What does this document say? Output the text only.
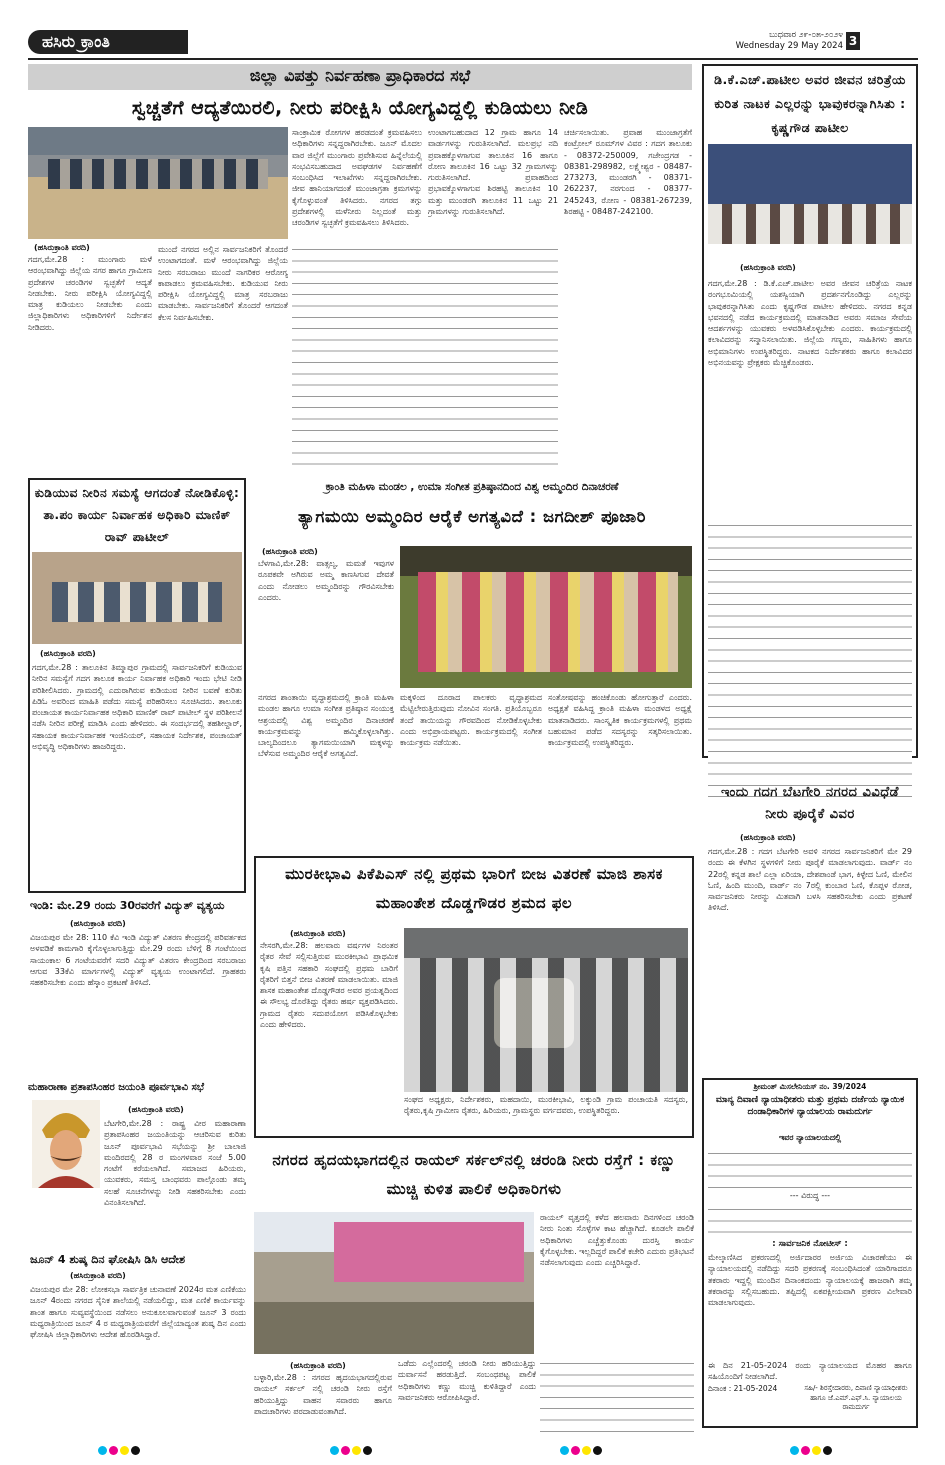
ಹಸಿರು ಕ್ರಾಂತಿ	ಬುಧವಾರ ೨೯-೦೫-೨೦೨೪
Wednesday 29 May 2024 3
ಜಿಲ್ಲಾ ವಿಪತ್ತು ನಿರ್ವಹಣಾ ಪ್ರಾಧಿಕಾರದ ಸಭೆ
ಸ್ವಚ್ಚತೆಗೆ ಆದ್ಯತೆಯಿರಲಿ, ನೀರು ಪರೀಕ್ಷಿಸಿ ಯೋಗ್ಯವಿದ್ದಲ್ಲಿ ಕುಡಿಯಲು ನೀಡಿ
(ಹಸಿರುಕ್ರಾಂತಿ ವರದಿ)
ಸಾಂಕ್ರಾಮಿಕ ರೋಗಗಳ ಹರಡದಂತೆ ಕ್ರಮವಹಿಸಲು ಅಧಿಕಾರಿಗಳು ಸನ್ನದ್ದರಾಗಿರಬೇಕು. ಜೂನ್ ಮೊದಲ ವಾರ ಜಿಲ್ಲೆಗೆ ಮುಂಗಾರು ಪ್ರವೇಶಿಸುವ ಹಿನ್ನೆಲೆಯಲ್ಲಿ ಸಂಭವಿಸಬಹುದಾದ ಅವಘಡಗಳ ನಿರ್ವಹಣೆಗೆ ಸಂಬಂಧಿಸಿದ ಇಲಾಖೆಗಳು ಸನ್ನದ್ದರಾಗಿರಬೇಕು. ಜೀವ ಹಾನಿಯಾಗದಂತೆ ಮುಂಜಾಗ್ರತಾ ಕ್ರಮಗಳನ್ನು ಕೈಗೊಳ್ಳುವಂತೆ ತಿಳಿಸಿದರು. ನಗರದ ತಗ್ಗು ಪ್ರದೇಶಗಳಲ್ಲಿ ಮಳೆನೀರು ನಿಲ್ಲದಂತೆ ಮತ್ತು ಚರಂಡಿಗಳ ಸ್ವಚ್ಛತೆಗೆ ಕ್ರಮವಹಿಸಲು ತಿಳಿಸಿದರು.
ಉಂಟಾಗಬಹುದಾದ 12 ಗ್ರಾಮ ಹಾಗೂ 14 ವಾರ್ಡಗಳನ್ನು ಗುರುತಿಸಲಾಗಿದೆ. ಮಲಪ್ರಭ ನದಿ ಪ್ರವಾಹಕ್ಕೊಳಗಾಗುವ ತಾಲೂಕಿನ 16 ಹಾಗೂ ರೋಣ ತಾಲೂಕಿನ 16 ಒಟ್ಟು 32 ಗ್ರಾಮಗಳನ್ನು ಗುರುತಿಸಲಾಗಿದೆ. ಪ್ರವಾಹದಿಂದ ಪ್ರಭಾವಕ್ಕೊಳಗಾಗುವ ಶಿರಹಟ್ಟಿ ತಾಲೂಕಿನ 10 ಮತ್ತು ಮುಂಡರಗಿ ತಾಲೂಕಿನ 11 ಒಟ್ಟು 21 ಗ್ರಾಮಗಳನ್ನು ಗುರುತಿಸಲಾಗಿದೆ.
ಚರ್ಚಿಸಲಾಯಿತು. ಪ್ರವಾಹ ಮುಂಜಾಗ್ರತೆಗೆ ಕಂಟ್ರೋಲ್ ರೂಮ್‌ಗಳ ವಿವರ : ಗದಗ ತಾಲೂಕು - 08372-250009, ಗಜೇಂದ್ರಗಡ - 08381-298982, ಲಕ್ಷ್ಮೇಶ್ವರ - 08487-273273, ಮುಂಡರಗಿ - 08371-262237, ನರಗುಂದ - 08377-245243, ರೋಣ - 08381-267239, ಶಿರಹಟ್ಟಿ - 08487-242100.
ಗದಗ,ಮೇ.28 : ಮುಂಗಾರು ಮಳೆ ಆರಂಭವಾಗಿದ್ದು ಜಿಲ್ಲೆಯ ನಗರ ಹಾಗೂ ಗ್ರಾಮೀಣ ಪ್ರದೇಶಗಳ ಚರಂಡಿಗಳ ಸ್ವಚ್ಛತೆಗೆ ಆದ್ಯತೆ ನೀಡಬೇಕು. ನೀರು ಪರೀಕ್ಷಿಸಿ ಯೋಗ್ಯವಿದ್ದಲ್ಲಿ ಮಾತ್ರ ಕುಡಿಯಲು ನೀಡಬೇಕು ಎಂದು ಜಿಲ್ಲಾಧಿಕಾರಿಗಳು ಅಧಿಕಾರಿಗಳಿಗೆ ನಿರ್ದೇಶನ ನೀಡಿದರು.
ಮುಂದೆ ನಗರದ ಅಲ್ಲಿನ ಸಾರ್ವಜನಿಕರಿಗೆ ತೊಂದರೆ ಉಂಟಾಗದಂತೆ. ಮಳೆ ಆರಂಭವಾಗಿದ್ದು ಜಿಲ್ಲೆಯ ನೀರು ಸರಬರಾಜು ಮುಂದೆ ನಾಗರಿಕರ ಆರೋಗ್ಯ ಕಾಪಾಡಲು ಕ್ರಮವಹಿಸಬೇಕು. ಕುಡಿಯುವ ನೀರು ಪರೀಕ್ಷಿಸಿ ಯೋಗ್ಯವಿದ್ದಲ್ಲಿ ಮಾತ್ರ ಸರಬರಾಜು ಮಾಡಬೇಕು. ಸಾರ್ವಜನಿಕರಿಗೆ ತೊಂದರೆ ಆಗದಂತೆ ಕೆಲಸ ನಿರ್ವಹಿಸಬೇಕು.
ಡಿ.ಕೆ.ಎಚ್.ಪಾಟೀಲ ಅವರ ಜೀವನ ಚರಿತ್ರೆಯ ಕುರಿತ ನಾಟಕ ಎಲ್ಲರನ್ನು ಭಾವುಕರನ್ನಾಗಿಸಿತು : ಕೃಷ್ಣಗೌಡ ಪಾಟೀಲ
(ಹಸಿರುಕ್ರಾಂತಿ ವರದಿ)
ಗದಗ,ಮೇ.28 : ಡಿ.ಕೆ.ಎಚ್.ಪಾಟೀಲ ಅವರ ಜೀವನ ಚರಿತ್ರೆಯ ನಾಟಕ ರಂಗಭೂಮಿಯಲ್ಲಿ ಯಶಸ್ವಿಯಾಗಿ ಪ್ರದರ್ಶನಗೊಂಡಿದ್ದು ಎಲ್ಲರನ್ನು ಭಾವುಕರನ್ನಾಗಿಸಿತು ಎಂದು ಕೃಷ್ಣಗೌಡ ಪಾಟೀಲ ಹೇಳಿದರು. ನಗರದ ಕನ್ನಡ ಭವನದಲ್ಲಿ ನಡೆದ ಕಾರ್ಯಕ್ರಮದಲ್ಲಿ ಮಾತನಾಡಿದ ಅವರು ಸಮಾಜ ಸೇವೆಯ ಆದರ್ಶಗಳನ್ನು ಯುವಕರು ಅಳವಡಿಸಿಕೊಳ್ಳಬೇಕು ಎಂದರು. ಕಾರ್ಯಕ್ರಮದಲ್ಲಿ ಕಲಾವಿದರನ್ನು ಸನ್ಮಾನಿಸಲಾಯಿತು. ಜಿಲ್ಲೆಯ ಗಣ್ಯರು, ಸಾಹಿತಿಗಳು ಹಾಗೂ ಅಭಿಮಾನಿಗಳು ಉಪಸ್ಥಿತರಿದ್ದರು. ನಾಟಕದ ನಿರ್ದೇಶಕರು ಹಾಗೂ ಕಲಾವಿದರ ಅಭಿನಯವನ್ನು ಪ್ರೇಕ್ಷಕರು ಮೆಚ್ಚಿಕೊಂಡರು.
ಇಂದು ಗದಗ ಬೆಟಗೇರಿ ನಗರದ ವಿವಿಧೆಡೆ ನೀರು ಪೂರೈಕೆ ವಿವರ
(ಹಸಿರುಕ್ರಾಂತಿ ವರದಿ)
ಗದಗ,ಮೇ.28 : ಗದಗ ಬೆಟಗೇರಿ ಅವಳಿ ನಗರದ ಸಾರ್ವಜನಿಕರಿಗೆ ಮೇ 29 ರಂದು ಈ ಕೆಳಗಿನ ಸ್ಥಳಗಳಿಗೆ ನೀರು ಪೂರೈಕೆ ಮಾಡಲಾಗುವುದು. ವಾರ್ಡ್ ನಂ 22ರಲ್ಲಿ ಕನ್ನಡ ಶಾಲೆ ಎಲ್ಲಾ ಏರಿಯಾ, ದೇಶಪಾಂಡೆ ಭಾಗ, ಕಿಳ್ಳೇದ ಓಣಿ, ಮೇಲಿನ ಓಣಿ, ಹಿಂದಿ ಮುಂದಿ, ವಾರ್ಡ್ ನಂ 7ರಲ್ಲಿ ಕುಂಬಾರ ಓಣಿ, ಕೊಪ್ಪಳ ರೋಡ, ಸಾರ್ವಜನಿಕರು ನೀರನ್ನು ಮಿತವಾಗಿ ಬಳಸಿ ಸಹಕರಿಸಬೇಕು ಎಂದು ಪ್ರಕಟಣೆ ತಿಳಿಸಿದೆ.
ಶ್ರೀಮಂತ್ ಮಿಸಲೇನಿಯಸ್ ನಂ. 39/2024
ಮಾನ್ಯ ದಿವಾಣಿ ನ್ಯಾಯಾಧೀಶರು ಮತ್ತು ಪ್ರಥಮ ದರ್ಜೆಯ ನ್ಯಾಯಿಕ ದಂಡಾಧಿಕಾರಿಗಳ ನ್ಯಾಯಾಲಯ ರಾಮದುರ್ಗ
ಇವರ ನ್ಯಾಯಾಲಯದಲ್ಲಿ
--- ವಿರುದ್ಧ ---
: ಸಾರ್ವಜನಿಕ ನೋಟೀಸ್ :
ಮೇಲ್ಕಾಣಿಸಿದ ಪ್ರಕರಣದಲ್ಲಿ ಅರ್ಜಿದಾರರ ಅರ್ಜಿಯ ವಿಚಾರಣೆಯು ಈ ನ್ಯಾಯಾಲಯದಲ್ಲಿ ನಡೆದಿದ್ದು ಸದರಿ ಪ್ರಕರಣಕ್ಕೆ ಸಂಬಂಧಿಸಿದಂತೆ ಯಾರಿಗಾದರೂ ತಕರಾರು ಇದ್ದಲ್ಲಿ ಮುಂದಿನ ದಿನಾಂಕದಂದು ನ್ಯಾಯಾಲಯಕ್ಕೆ ಹಾಜರಾಗಿ ತಮ್ಮ ತಕರಾರನ್ನು ಸಲ್ಲಿಸಬಹುದು. ತಪ್ಪಿದಲ್ಲಿ ಏಕಪಕ್ಷೀಯವಾಗಿ ಪ್ರಕರಣ ವಿಲೇವಾರಿ ಮಾಡಲಾಗುವುದು.
ಈ ದಿನ 21-05-2024 ರಂದು ನ್ಯಾಯಾಲಯದ ಮೊಹರ ಹಾಗೂ ಸಹಿಯೊಂದಿಗೆ ನೀಡಲಾಗಿದೆ.
ದಿನಾಂಕ : 21-05-2024	ಸಹಿ/- ಶಿರಸ್ತೇದಾರರು, ದಿವಾಣಿ ನ್ಯಾಯಾಧೀಶರು ಹಾಗೂ ಜೆ.ಎಮ್.ಎಫ್.ಸಿ. ನ್ಯಾಯಾಲಯ ರಾಮದುರ್ಗ
ಕುಡಿಯುವ ನೀರಿನ ಸಮಸ್ಯೆ ಆಗದಂತೆ ನೋಡಿಕೊಳ್ಳಿ: ತಾ.ಪಂ ಕಾರ್ಯ ನಿರ್ವಾಹಕ ಅಧಿಕಾರಿ ಮಾಣಿಕ್ ರಾವ್ ಪಾಟೀಲ್
(ಹಸಿರುಕ್ರಾಂತಿ ವರದಿ)
ಗದಗ,ಮೇ.28 : ತಾಲೂಕಿನ ತಿಮ್ಮಾಪುರ ಗ್ರಾಮದಲ್ಲಿ ಸಾರ್ವಜನಿಕರಿಗೆ ಕುಡಿಯುವ ನೀರಿನ ಸಮಸ್ಯೆಗೆ ಗದಗ ತಾಲೂಕ ಕಾರ್ಯ ನಿರ್ವಾಹಕ ಅಧಿಕಾರಿ ಇಂದು ಭೇಟಿ ನೀಡಿ ಪರಿಶೀಲಿಸಿದರು. ಗ್ರಾಮದಲ್ಲಿ ಎದುರಾಗಿರುವ ಕುಡಿಯುವ ನೀರಿನ ಬವಣೆ ಕುರಿತು ಪಿಡಿಓ ಅವರಿಂದ ಮಾಹಿತಿ ಪಡೆದು ಸಮಸ್ಯೆ ಪರಿಹರಿಸಲು ಸೂಚಿಸಿದರು. ತಾಲೂಕು ಪಂಚಾಯತ ಕಾರ್ಯನಿರ್ವಾಹಕ ಅಧಿಕಾರಿ ಮಾಣಿಕ್ ರಾವ್ ಪಾಟೀಲ್ ಸ್ಥಳ ಪರಿಶೀಲನೆ ನಡೆಸಿ ನೀರಿನ ಪರೀಕ್ಷೆ ಮಾಡಿಸಿ ಎಂದು ಹೇಳಿದರು. ಈ ಸಂದರ್ಭದಲ್ಲಿ ತಹಶೀಲ್ದಾರ್, ಸಹಾಯಕ ಕಾರ್ಯನಿರ್ವಾಹಕ ಇಂಜಿನಿಯರ್, ಸಹಾಯಕ ನಿರ್ದೇಶಕ, ಪಂಚಾಯತ್ ಅಭಿವೃದ್ಧಿ ಅಧಿಕಾರಿಗಳು ಹಾಜರಿದ್ದರು.
ಇಂಡಿ: ಮೇ.29 ರಂದು 30ರವರೆಗೆ ವಿದ್ಯುತ್ ವ್ಯತ್ಯಯ
(ಹಸಿರುಕ್ರಾಂತಿ ವರದಿ)
ವಿಜಯಪುರ ಮೇ 28: 110 ಕೆವಿ ಇಂಡಿ ವಿದ್ಯುತ್ ವಿತರಣ ಕೇಂದ್ರದಲ್ಲಿ ಪರಿವರ್ತಕದ ಅಳವಡಿಕೆ ಕಾಮಗಾರಿ ಕೈಗೊಳ್ಳಲಾಗುತ್ತಿದ್ದು ಮೇ.29 ರಂದು ಬೆಳಿಗ್ಗೆ 8 ಗಂಟೆಯಿಂದ ಸಾಯಂಕಾಲ 6 ಗಂಟೆಯವರೆಗೆ ಸದರಿ ವಿದ್ಯುತ್ ವಿತರಣ ಕೇಂದ್ರದಿಂದ ಸರಬರಾಜು ಆಗುವ 33ಕೆವಿ ಮಾರ್ಗಗಳಲ್ಲಿ ವಿದ್ಯುತ್ ವ್ಯತ್ಯಯ ಉಂಟಾಗಲಿದೆ. ಗ್ರಾಹಕರು ಸಹಕರಿಸಬೇಕು ಎಂದು ಹೆಸ್ಕಾಂ ಪ್ರಕಟಣೆ ತಿಳಿಸಿದೆ.
ಮಹಾರಾಣಾ ಪ್ರತಾಪಸಿಂಹರ ಜಯಂತಿ ಪೂರ್ವಭಾವಿ ಸಭೆ
(ಹಸಿರುಕ್ರಾಂತಿ ವರದಿ)
ಬೆಟಗೇರಿ,ಮೇ.28 : ರಾಷ್ಟ್ರ ವೀರ ಮಹಾರಾಣಾ ಪ್ರತಾಪಸಿಂಹರ ಜಯಂತಿಯನ್ನು ಆಚರಿಸುವ ಕುರಿತು ಜೂನ್ ಪೂರ್ವಭಾವಿ ಸಭೆಯನ್ನು ಶ್ರೀ ಬಾಲಾಜಿ ಮಂದಿರದಲ್ಲಿ 28 ರ ಮಂಗಳವಾರ ಸಂಜೆ 5.00 ಗಂಟೆಗೆ ಕರೆಯಲಾಗಿದೆ. ಸಮಾಜದ ಹಿರಿಯರು, ಯುವಕರು, ಸಮಸ್ತ ಬಾಂಧವರು ಪಾಲ್ಗೊಂಡು ತಮ್ಮ ಸಲಹೆ ಸೂಚನೆಗಳನ್ನು ನೀಡಿ ಸಹಕರಿಸಬೇಕು ಎಂದು ವಿನಂತಿಸಲಾಗಿದೆ.
ಜೂನ್ 4 ಶುಷ್ಕ ದಿನ ಘೋಷಿಸಿ ಡಿಸಿ ಆದೇಶ
(ಹಸಿರುಕ್ರಾಂತಿ ವರದಿ)
ವಿಜಯಪುರ ಮೇ 28: ಲೋಕಸಭಾ ಸಾರ್ವತ್ರಿಕ ಚುನಾವಣೆ 2024ರ ಮತ ಎಣಿಕೆಯು ಜೂನ್ 4ರಂದು ನಗರದ ಸೈನಿಕ ಶಾಲೆಯಲ್ಲಿ ನಡೆಯಲಿದ್ದು, ಮತ ಎಣಿಕೆ ಕಾರ್ಯವನ್ನು ಶಾಂತ ಹಾಗೂ ಸುವ್ಯವಸ್ಥೆಯಿಂದ ನಡೆಸಲು ಅನುಕೂಲವಾಗುವಂತೆ ಜೂನ್ 3 ರಂದು ಮಧ್ಯರಾತ್ರಿಯಿಂದ ಜೂನ್ 4 ರ ಮಧ್ಯರಾತ್ರಿಯವರೆಗೆ ಜಿಲ್ಲೆಯಾದ್ಯಂತ ಶುಷ್ಕ ದಿನ ಎಂದು ಘೋಷಿಸಿ ಜಿಲ್ಲಾಧಿಕಾರಿಗಳು ಆದೇಶ ಹೊರಡಿಸಿದ್ದಾರೆ.
ಕ್ರಾಂತಿ ಮಹಿಳಾ ಮಂಡಲ , ಉಮಾ ಸಂಗೀತ ಪ್ರತಿಷ್ಠಾನದಿಂದ ವಿಶ್ವ ಅಮ್ಮಂದಿರ ದಿನಾಚರಣೆ
ತ್ಯಾಗಮಯಿ ಅಮ್ಮಂದಿರ ಆರೈಕೆ ಅಗತ್ಯವಿದೆ : ಜಗದೀಶ್ ಪೂಜಾರಿ
(ಹಸಿರುಕ್ರಾಂತಿ ವರದಿ)
ಬೆಳಗಾವಿ,ಮೇ.28: ವಾತ್ಸಲ್ಯ, ಮಮತೆ ಇವುಗಳ ರೂಪಕವೇ ಅಗಿರುವ ಅಮ್ಮ ಕಾಣಸಿಗುವ ದೇವತೆ ಎಂದು ನೋಡಲು ಅಮ್ಮಂದಿರನ್ನು ಗೌರವಿಸಬೇಕು ಎಂದರು.
ನಗರದ ಶಾಂತಾಯಿ ವೃದ್ಧಾಶ್ರಮದಲ್ಲಿ ಕ್ರಾಂತಿ ಮಹಿಳಾ ಮಂಡಲ ಹಾಗೂ ಉಮಾ ಸಂಗೀತ ಪ್ರತಿಷ್ಠಾನ ಸಂಯುಕ್ತ ಆಶ್ರಯದಲ್ಲಿ ವಿಶ್ವ ಅಮ್ಮಂದಿರ ದಿನಾಚರಣೆ ಕಾರ್ಯಕ್ರಮವನ್ನು ಹಮ್ಮಿಕೊಳ್ಳಲಾಗಿತ್ತು. ಬಾಲ್ಯದಿಂದಲೂ ತ್ಯಾಗಮಯಿಯಾಗಿ ಮಕ್ಕಳನ್ನು ಬೆಳೆಸುವ ಅಮ್ಮಂದಿರ ಆರೈಕೆ ಅಗತ್ಯವಿದೆ.
ಮಕ್ಕಳಿಂದ ದೂರಾದ ಪಾಲಕರು ವೃದ್ಧಾಶ್ರಮದ ಮೆಟ್ಟಿಲೇರುತ್ತಿರುವುದು ನೋವಿನ ಸಂಗತಿ. ಪ್ರತಿಯೊಬ್ಬರೂ ತಂದೆ ತಾಯಿಯನ್ನು ಗೌರವದಿಂದ ನೋಡಿಕೊಳ್ಳಬೇಕು ಎಂದು ಅಭಿಪ್ರಾಯಪಟ್ಟರು. ಕಾರ್ಯಕ್ರಮದಲ್ಲಿ ಸಂಗೀತ ಕಾರ್ಯಕ್ರಮ ನಡೆಯಿತು.
ಸಂತೋಷವನ್ನು ಹಂಚಿಕೊಂಡು ಹೋಗುತ್ತಾರೆ ಎಂದರು. ಅಧ್ಯಕ್ಷತೆ ವಹಿಸಿದ್ದ ಕ್ರಾಂತಿ ಮಹಿಳಾ ಮಂಡಳದ ಅಧ್ಯಕ್ಷೆ ಮಾತನಾಡಿದರು. ಸಾಂಸ್ಕೃತಿಕ ಕಾರ್ಯಕ್ರಮಗಳಲ್ಲಿ ಪ್ರಥಮ ಬಹುಮಾನ ಪಡೆದ ಸದಸ್ಯರನ್ನು ಸತ್ಕರಿಸಲಾಯಿತು. ಕಾರ್ಯಕ್ರಮದಲ್ಲಿ ಉಪಸ್ಥಿತರಿದ್ದರು.
ಮುರಕೀಭಾವಿ ಪಿಕೆಪಿಎಸ್ ನಲ್ಲಿ ಪ್ರಥಮ ಭಾರಿಗೆ ಬೀಜ ವಿತರಣೆ ಮಾಜಿ ಶಾಸಕ ಮಹಾಂತೇಶ ದೊಡ್ಡಗೌಡರ ಶ್ರಮದ ಫಲ
(ಹಸಿರುಕ್ರಾಂತಿ ವರದಿ)
ನೇಸರಗಿ,ಮೇ.28: ಹಲವಾರು ವರ್ಷಗಳ ನಿರಂತರ ರೈತರ ಸೇವೆ ಸಲ್ಲಿಸುತ್ತಿರುವ ಮುರಕೀಭಾವಿ ಪ್ರಾಥಮಿಕ ಕೃಷಿ ಪತ್ತಿನ ಸಹಕಾರಿ ಸಂಘದಲ್ಲಿ ಪ್ರಥಮ ಬಾರಿಗೆ ರೈತರಿಗೆ ಬಿತ್ತನೆ ಬೀಜ ವಿತರಣೆ ಮಾಡಲಾಯಿತು. ಮಾಜಿ ಶಾಸಕ ಮಹಾಂತೇಶ ದೊಡ್ಡಗೌಡರ ಅವರ ಪ್ರಯತ್ನದಿಂದ ಈ ಸೌಲಭ್ಯ ದೊರೆತಿದ್ದು ರೈತರು ಹರ್ಷ ವ್ಯಕ್ತಪಡಿಸಿದರು. ಗ್ರಾಮದ ರೈತರು ಸದುಪಯೋಗ ಪಡಿಸಿಕೊಳ್ಳಬೇಕು ಎಂದು ಹೇಳಿದರು.
ಸಂಘದ ಅಧ್ಯಕ್ಷರು, ನಿರ್ದೇಶಕರು, ಮಹದಾಯಿ, ಮುರಕೀಭಾವಿ, ಲಕ್ಕುಂಡಿ ಗ್ರಾಮ ಪಂಚಾಯತಿ ಸದಸ್ಯರು, ರೈತರು,ಕೃಷಿ ಗ್ರಾಮೀಣ ರೈತರು, ಹಿರಿಯರು, ಗ್ರಾಮಸ್ಥರು ವರ್ಗದವರು, ಉಪಸ್ಥಿತರಿದ್ದರು.
ನಗರದ ಹೃದಯಭಾಗದಲ್ಲಿನ ರಾಯಲ್ ಸರ್ಕಲ್‌ನಲ್ಲಿ ಚರಂಡಿ ನೀರು ರಸ್ತೆಗೆ : ಕಣ್ಣು ಮುಚ್ಚಿ ಕುಳಿತ ಪಾಲಿಕೆ ಅಧಿಕಾರಿಗಳು
ರಾಯಲ್ ವೃತ್ತದಲ್ಲಿ ಕಳೆದ ಹಲವಾರು ದಿನಗಳಿಂದ ಚರಂಡಿ ನೀರು ನಿಂತು ಸೊಳ್ಳೆಗಳ ಕಾಟ ಹೆಚ್ಚಾಗಿದೆ. ಕೂಡಲೇ ಪಾಲಿಕೆ ಅಧಿಕಾರಿಗಳು ಎಚ್ಚೆತ್ತುಕೊಂಡು ದುರಸ್ತಿ ಕಾರ್ಯ ಕೈಗೊಳ್ಳಬೇಕು. ಇಲ್ಲದಿದ್ದರೆ ಪಾಲಿಕೆ ಕಚೇರಿ ಎದುರು ಪ್ರತಿಭಟನೆ ನಡೆಸಲಾಗುವುದು ಎಂದು ಎಚ್ಚರಿಸಿದ್ದಾರೆ.
(ಹಸಿರುಕ್ರಾಂತಿ ವರದಿ)
ಬಳ್ಳಾರಿ,ಮೇ.28 : ನಗರದ ಹೃದಯಭಾಗದಲ್ಲಿರುವ ರಾಯಲ್ ಸರ್ಕಲ್ ನಲ್ಲಿ ಚರಂಡಿ ನೀರು ರಸ್ತೆಗೆ ಹರಿಯುತ್ತಿದ್ದು ವಾಹನ ಸವಾರರು ಹಾಗೂ ಪಾದಚಾರಿಗಳು ಪರದಾಡುವಂತಾಗಿದೆ.
ಒಡೆದು ಎಲ್ಲೆಂದರಲ್ಲಿ ಚರಂಡಿ ನೀರು ಹರಿಯುತ್ತಿದ್ದು ದುರ್ವಾಸನೆ ಹರಡುತ್ತಿದೆ. ಸಂಬಂಧಪಟ್ಟ ಪಾಲಿಕೆ ಅಧಿಕಾರಿಗಳು ಕಣ್ಣು ಮುಚ್ಚಿ ಕುಳಿತಿದ್ದಾರೆ ಎಂದು ಸಾರ್ವಜನಿಕರು ಆರೋಪಿಸಿದ್ದಾರೆ.
